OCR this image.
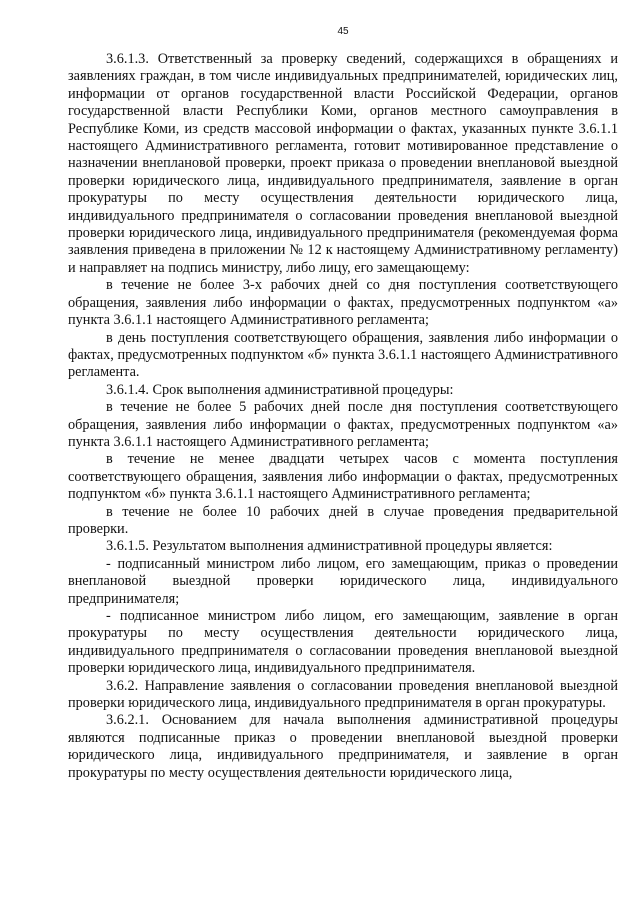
45

3.6.1.3. Ответственный за проверку сведений, содержащихся в обращениях и заявлениях граждан, в том числе индивидуальных предпринимателей, юридических лиц, информации от органов государственной власти Российской Федерации, органов государственной власти Республики Коми, органов местного самоуправления в Республике Коми, из средств массовой информации о фактах, указанных пункте 3.6.1.1 настоящего Административного регламента, готовит мотивированное представление о назначении внеплановой проверки, проект приказа о проведении внеплановой выездной проверки юридического лица, индивидуального предпринимателя, заявление в орган прокуратуры по месту осуществления деятельности юридического лица, индивидуального предпринимателя о согласовании проведения внеплановой выездной проверки юридического лица, индивидуального предпринимателя (рекомендуемая форма заявления приведена в приложении № 12 к настоящему Административному регламенту) и направляет на подпись министру, либо лицу, его замещающему:

в течение не более 3-х рабочих дней со дня поступления соответствующего обращения, заявления либо информации о фактах, предусмотренных подпунктом «а» пункта 3.6.1.1 настоящего Административного регламента;

в день поступления соответствующего обращения, заявления либо информации о фактах, предусмотренных подпунктом «б» пункта 3.6.1.1 настоящего Административного регламента.

3.6.1.4. Срок выполнения административной процедуры:

в течение не более 5 рабочих дней после дня поступления соответствующего обращения, заявления либо информации о фактах, предусмотренных подпунктом «а» пункта 3.6.1.1 настоящего Административного регламента;

в течение не менее двадцати четырех часов с момента поступления соответствующего обращения, заявления либо информации о фактах, предусмотренных подпунктом «б» пункта 3.6.1.1 настоящего Административного регламента;

в течение не более 10 рабочих дней в случае проведения предварительной проверки.

3.6.1.5. Результатом выполнения административной процедуры является:

- подписанный министром либо лицом, его замещающим, приказ о проведении внеплановой выездной проверки юридического лица, индивидуального предпринимателя;

- подписанное министром либо лицом, его замещающим, заявление в орган прокуратуры по месту осуществления деятельности юридического лица, индивидуального предпринимателя о согласовании проведения внеплановой выездной проверки юридического лица, индивидуального предпринимателя.

3.6.2. Направление заявления о согласовании проведения внеплановой выездной проверки юридического лица, индивидуального предпринимателя в орган прокуратуры.

3.6.2.1. Основанием для начала выполнения административной процедуры являются подписанные приказ о проведении внеплановой выездной проверки юридического лица, индивидуального предпринимателя, и заявление в орган прокуратуры по месту осуществления деятельности юридического лица,
